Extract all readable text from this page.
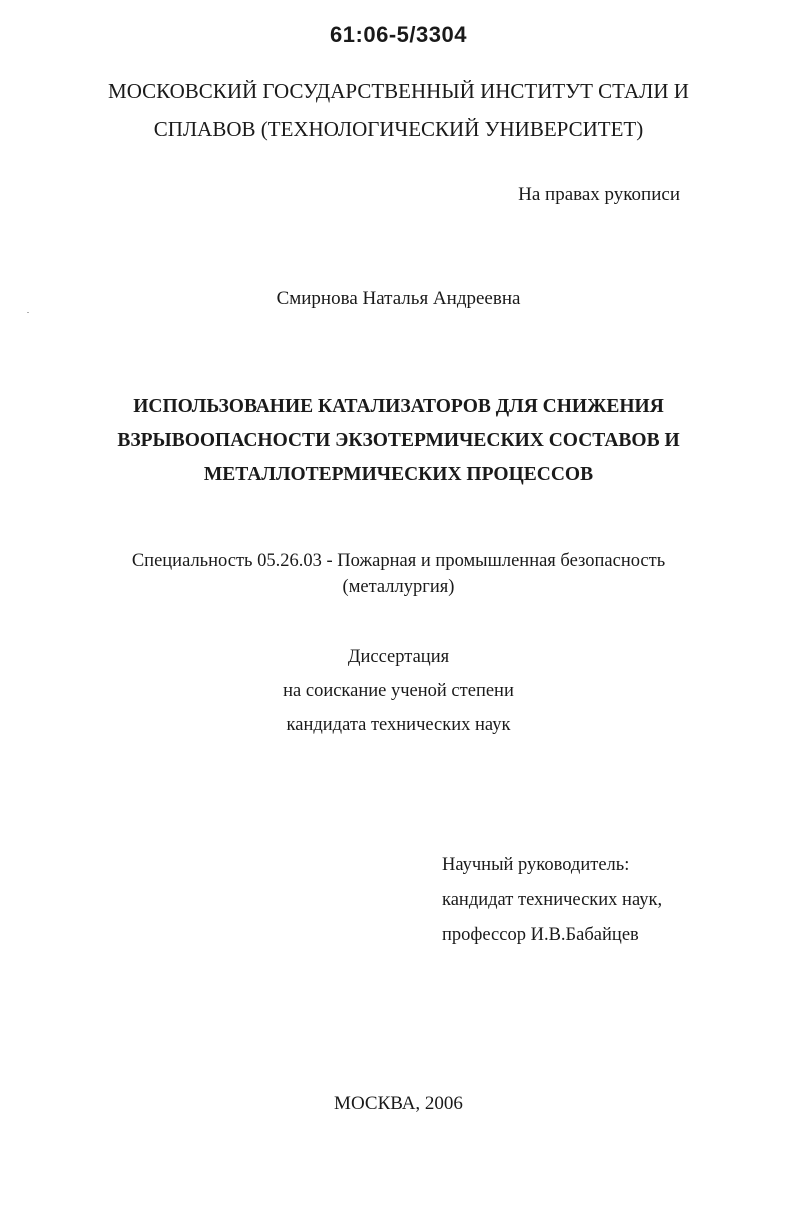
61:06-5/3304
МОСКОВСКИЙ ГОСУДАРСТВЕННЫЙ ИНСТИТУТ СТАЛИ И
СПЛАВОВ (ТЕХНОЛОГИЧЕСКИЙ УНИВЕРСИТЕТ)
На правах рукописи
Смирнова Наталья Андреевна
ИСПОЛЬЗОВАНИЕ КАТАЛИЗАТОРОВ ДЛЯ СНИЖЕНИЯ
ВЗРЫВООПАСНОСТИ ЭКЗОТЕРМИЧЕСКИХ СОСТАВОВ И
МЕТАЛЛОТЕРМИЧЕСКИХ ПРОЦЕССОВ
Специальность 05.26.03 - Пожарная и промышленная безопасность
(металлургия)
Диссертация
на соискание ученой степени
кандидата технических наук
Научный руководитель:
кандидат технических наук,
профессор И.В.Бабайцев
МОСКВА, 2006
